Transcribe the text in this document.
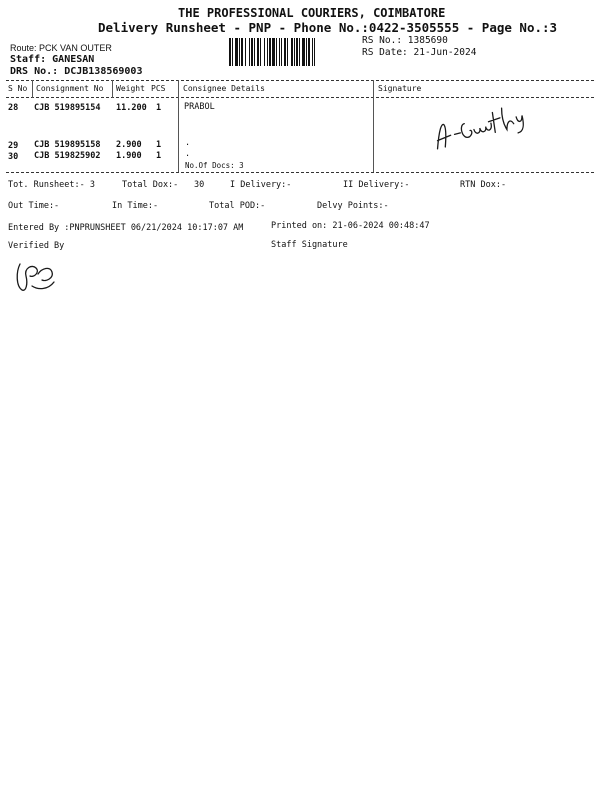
THE PROFESSIONAL COURIERS, COIMBATORE
Delivery Runsheet - PNP - Phone No.:0422-3505555 - Page No.:3
Route: PCK VAN OUTER
Staff: GANESAN
DRS No.: DCJB138569003
RS No.: 1385690
RS Date: 21-Jun-2024
S No Consignment No Weight PCS Consignee Details	Signature
28 CJB 519895154 11.200 1	PRABOL
29 CJB 519895158 2.900 1	.
30 CJB 519825902 1.900 1	.
No.Of Docs: 3
Tot. Runsheet:- 3	Total Dox:- 30	I Delivery:-	II Delivery:-	RTN Dox:-
Out Time:-	In Time:-	Total POD:-	Delvy Points:-
Entered By :PNPRUNSHEET 06/21/2024 10:17:07 AM	Printed on: 21-06-2024 00:48:47
Verified By	Staff Signature
